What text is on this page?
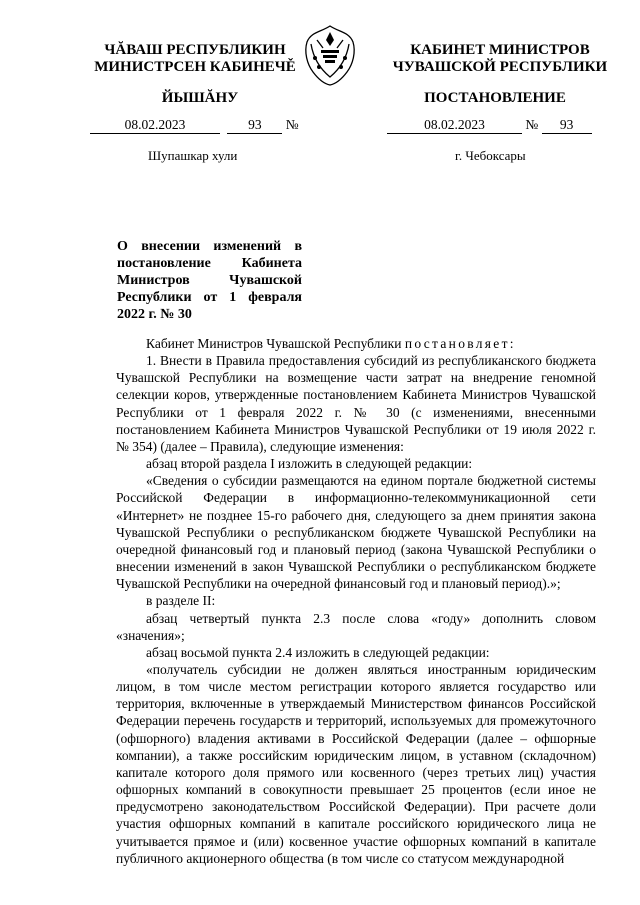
ЧĂВАШ РЕСПУБЛИКИН
МИНИСТРСЕН КАБИНЕЧĚ
КАБИНЕТ МИНИСТРОВ
ЧУВАШСКОЙ РЕСПУБЛИКИ
ЙЫШĂНУ	ПОСТАНОВЛЕНИЕ
08.02.2023	93 №	08.02.2023	№ 93
Шупашкар хули	г. Чебоксары
О внесении изменений в постановление Кабинета Министров Чувашской Республики от 1 февраля 2022 г. № 30

Кабинет Министров Чувашской Республики постановляет:

1. Внести в Правила предоставления субсидий из республиканского бюджета Чувашской Республики на возмещение части затрат на внедрение геномной селекции коров, утвержденные постановлением Кабинета Министров Чувашской Республики от 1 февраля 2022 г. № 30 (с изменениями, внесенными постановлением Кабинета Министров Чувашской Республики от 19 июля 2022 г. № 354) (далее – Правила), следующие изменения:

абзац второй раздела I изложить в следующей редакции:

«Сведения о субсидии размещаются на едином портале бюджетной системы Российской Федерации в информационно-телекоммуникационной сети «Интернет» не позднее 15-го рабочего дня, следующего за днем принятия закона Чувашской Республики о республиканском бюджете Чувашской Республики на очередной финансовый год и плановый период (закона Чувашской Республики о внесении изменений в закон Чувашской Республики о республиканском бюджете Чувашской Республики на очередной финансовый год и плановый период).»;

в разделе II:

абзац четвертый пункта 2.3 после слова «году» дополнить словом «значения»;

абзац восьмой пункта 2.4 изложить в следующей редакции:

«получатель субсидии не должен являться иностранным юридическим лицом, в том числе местом регистрации которого является государство или территория, включенные в утверждаемый Министерством финансов Российской Федерации перечень государств и территорий, используемых для промежуточного (офшорного) владения активами в Российской Федерации (далее – офшорные компании), а также российским юридическим лицом, в уставном (складочном) капитале которого доля прямого или косвенного (через третьих лиц) участия офшорных компаний в совокупности превышает 25 процентов (если иное не предусмотрено законодательством Российской Федерации). При расчете доли участия офшорных компаний в капитале российского юридического лица не учитывается прямое и (или) косвенное участие офшорных компаний в капитале публичного акционерного общества (в том числе со статусом международной
